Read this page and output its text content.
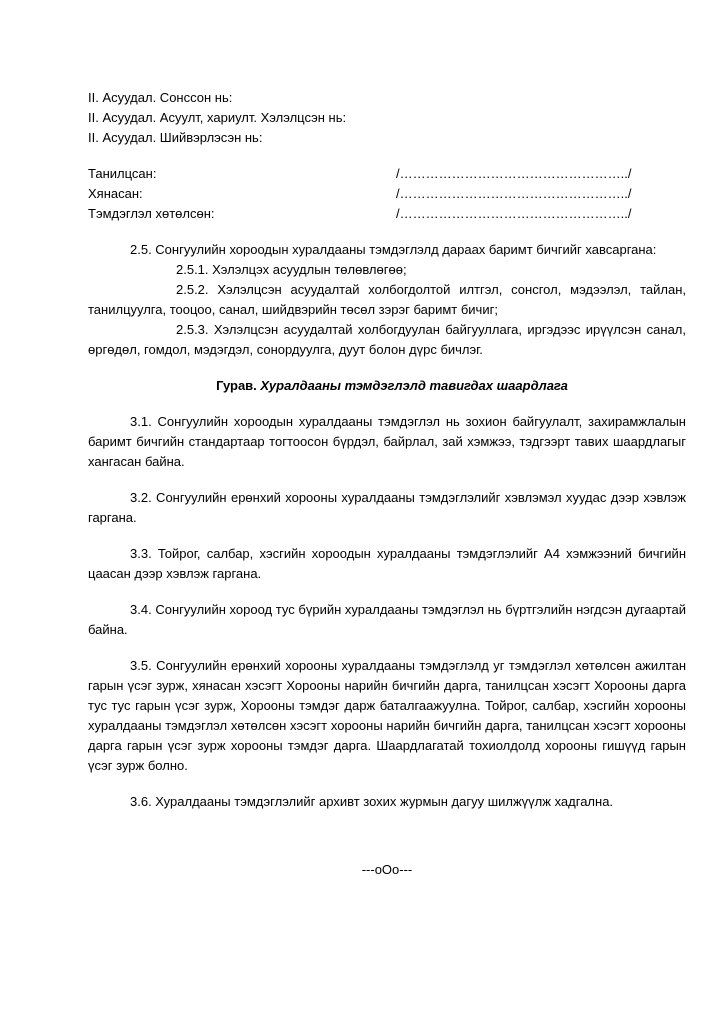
II. Асуудал. Сонссон нь:
II. Асуудал. Асуулт, хариулт. Хэлэлцсэн нь:
II. Асуудал. Шийвэрлэсэн нь:
Танилцсан:	/……………………………………………../
Хянасан:	/……………………………………………../
Тэмдэглэл хөтөлсөн:	/……………………………………………../

2.5. Сонгуулийн хороодын хуралдааны тэмдэглэлд дараах баримт бичгийг хавсаргана:

2.5.1. Хэлэлцэх асуудлын төлөвлөгөө;

2.5.2. Хэлэлцсэн асуудалтай холбогдолтой илтгэл, сонсгол, мэдээлэл, тайлан, танилцуулга, тооцоо, санал, шийдвэрийн төсөл зэрэг баримт бичиг;

2.5.3. Хэлэлцсэн асуудалтай холбогдуулан байгууллага, иргэдээс ирүүлсэн санал, өргөдөл, гомдол, мэдэгдэл, сонордуулга, дуут болон дүрс бичлэг.

Гурав. Хуралдааны тэмдэглэлд тавигдах шаардлага

3.1. Сонгуулийн хороодын хуралдааны тэмдэглэл нь зохион байгуулалт, захирамжлалын баримт бичгийн стандартаар тогтоосон бүрдэл, байрлал, зай хэмжээ, тэдгээрт тавих шаардлагыг хангасан байна.

3.2. Сонгуулийн ерөнхий хорооны хуралдааны тэмдэглэлийг хэвлэмэл хуудас дээр хэвлэж гаргана.

3.3. Тойрог, салбар, хэсгийн хороодын хуралдааны тэмдэглэлийг А4 хэмжээний бичгийн цаасан дээр хэвлэж гаргана.

3.4. Сонгуулийн хороод тус бүрийн хуралдааны тэмдэглэл нь бүртгэлийн нэгдсэн дугаартай байна.

3.5. Сонгуулийн ерөнхий хорооны хуралдааны тэмдэглэлд уг тэмдэглэл хөтөлсөн ажилтан гарын үсэг зурж, хянасан хэсэгт Хорооны нарийн бичгийн дарга, танилцсан хэсэгт Хорооны дарга тус тус гарын үсэг зурж, Хорооны тэмдэг дарж баталгаажуулна. Тойрог, салбар, хэсгийн хорооны хуралдааны тэмдэглэл хөтөлсөн хэсэгт хорооны нарийн бичгийн дарга, танилцсан хэсэгт хорооны дарга гарын үсэг зурж хорооны тэмдэг дарга. Шаардлагатай тохиолдолд хорооны гишүүд гарын үсэг зурж болно.

3.6. Хуралдааны тэмдэглэлийг архивт зохих журмын дагуу шилжүүлж хадгална.

---oOo---
